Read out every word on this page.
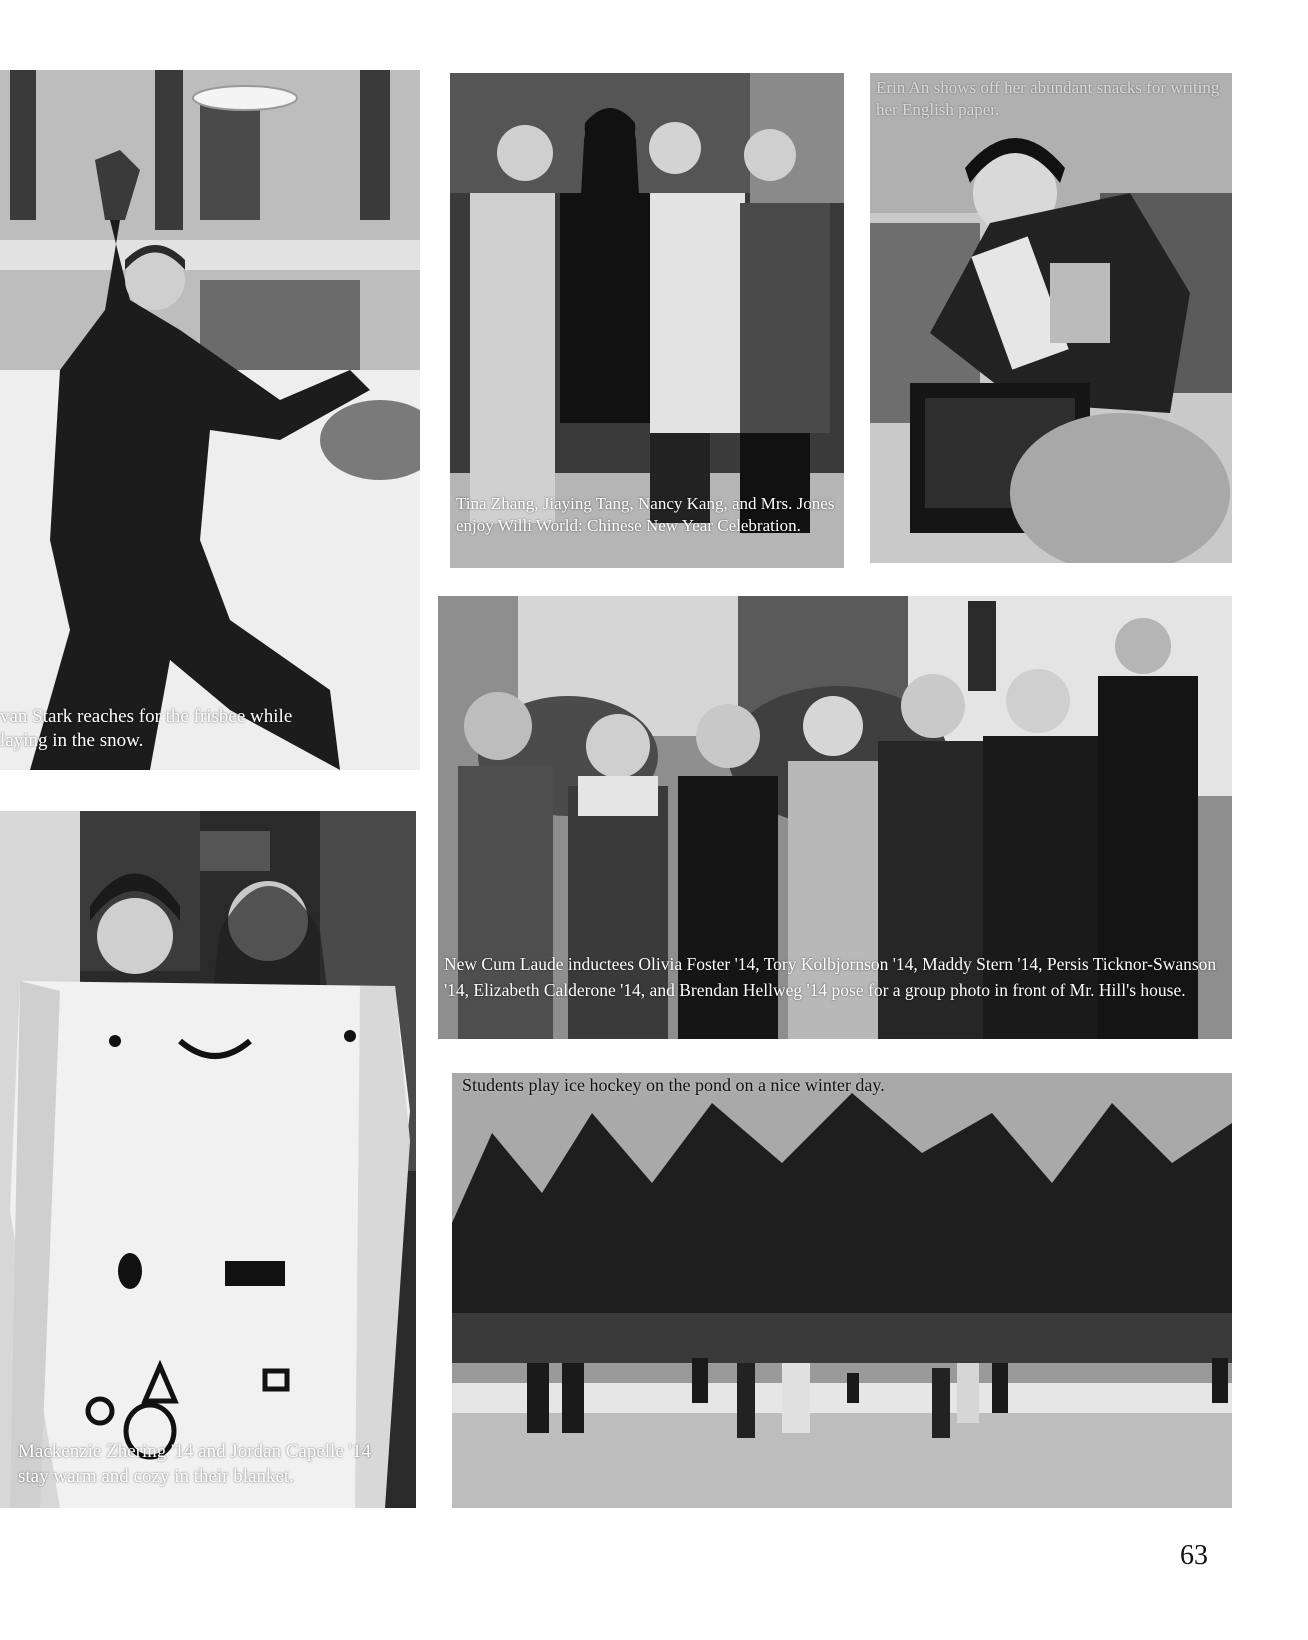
van Stark reaches for the frisbee while
laying in the snow.

Tina Zhang, Jiaying Tang, Nancy Kang, and Mrs. Jones enjoy Willi World: Chinese New Year Celebration.

Erin An shows off her abundant snacks for writing her English paper.

Mackenzie Zhering '14 and Jordan Capelle '14 stay warm and cozy in their blanket.

New Cum Laude inductees Olivia Foster '14, Tory Kolbjornson '14, Maddy Stern '14, Persis Ticknor-Swanson '14, Elizabeth Calderone '14, and Brendan Hellweg '14 pose for a group photo in front of Mr. Hill's house.

Students play ice hockey on the pond on a nice winter day.

63
